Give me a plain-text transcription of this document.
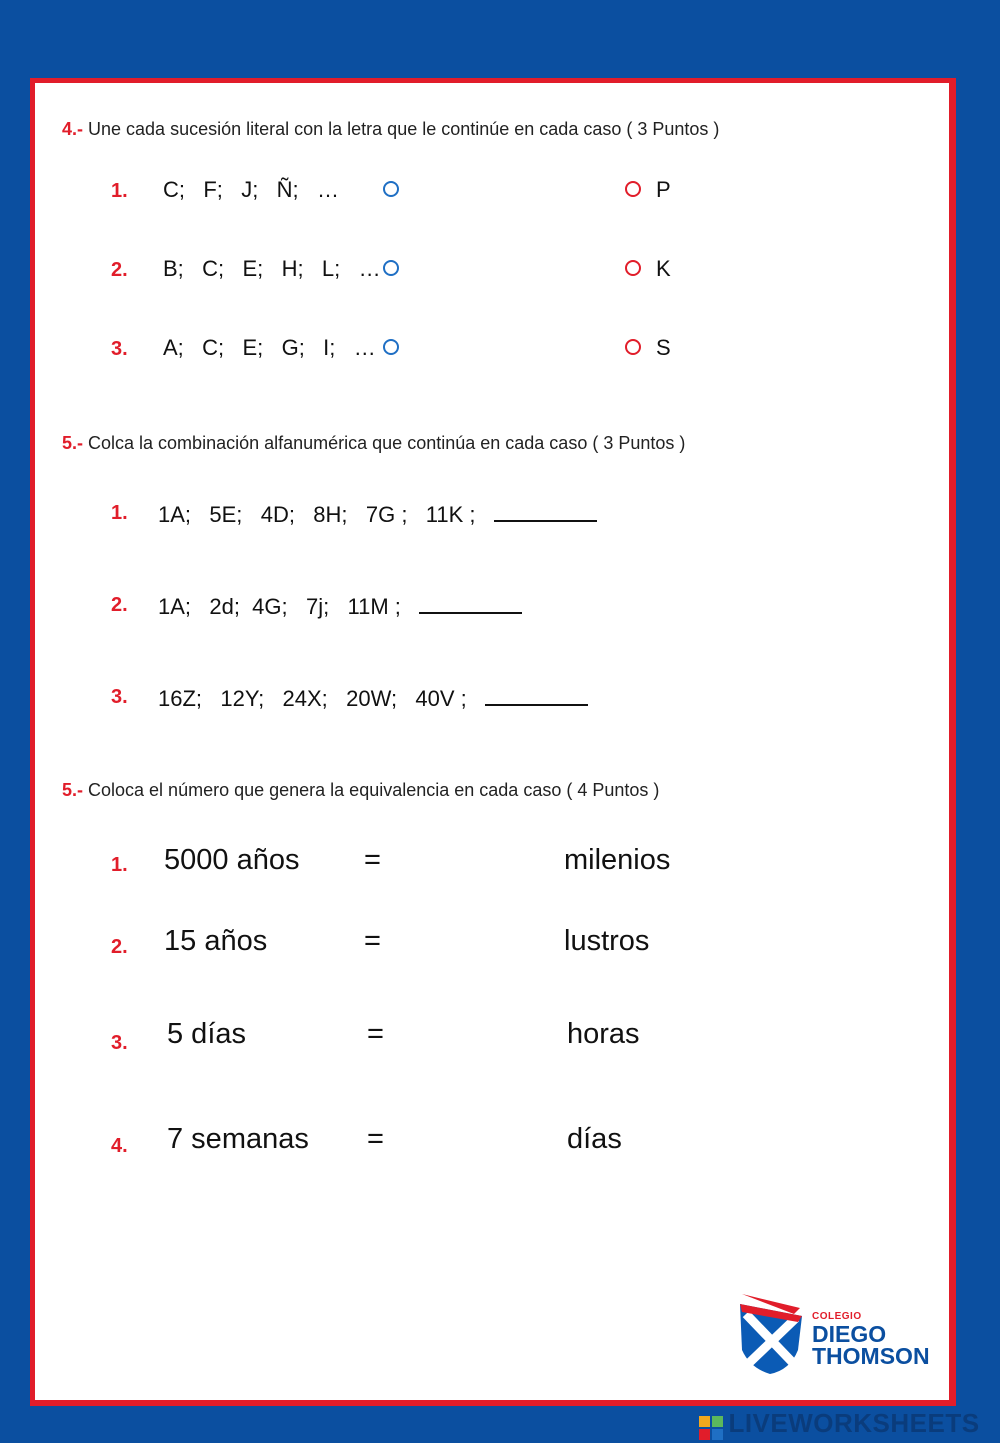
4.- Une cada sucesión literal con la letra que le continúe en cada caso ( 3 Puntos )
1. C;   F;   J;   Ñ;   …	P
2. B;   C;   E;   H;   L;   …	K
3. A;   C;   E;   G;   I;   …	S
5.- Colca la combinación alfanumérica que continúa en cada caso ( 3 Puntos )
1. 1A;   5E;   4D;   8H;   7G ;   11K ;
2. 1A;   2d;  4G;   7j;   11M ;
3. 16Z;   12Y;   24X;   20W;   40V ;
5.- Coloca el número que genera la equivalencia en cada caso ( 4 Puntos )
1. 5000 años =	milenios
2. 15 años	=	lustros
3. 5 días	=	horas
4. 7 semanas =	días
COLEGIO
DIEGO
THOMSON

LIVEWORKSHEETS
